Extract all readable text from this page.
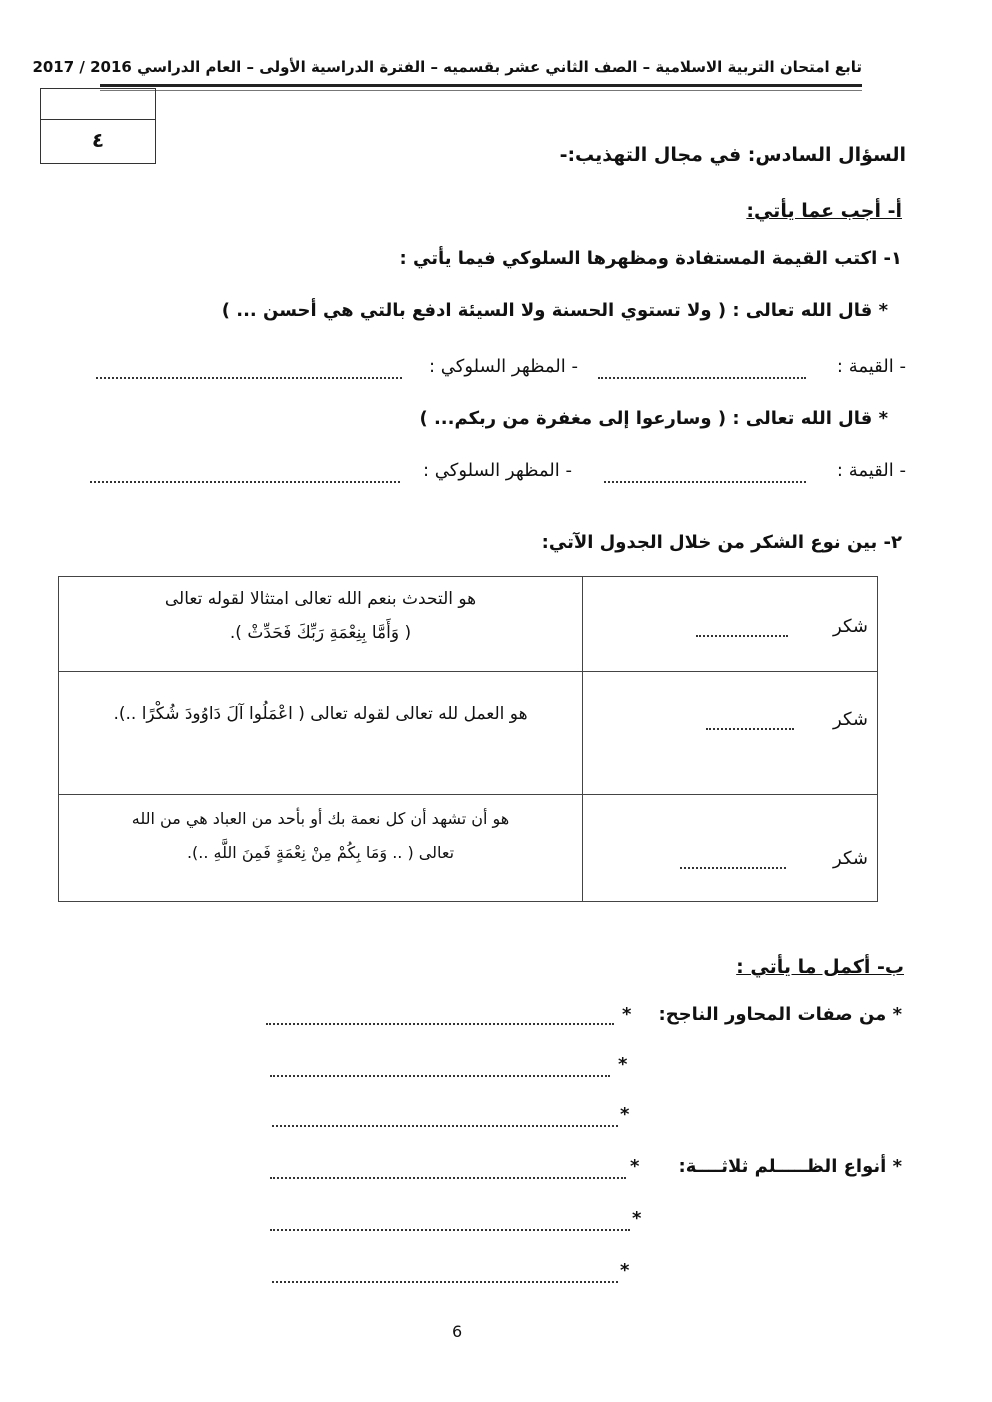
تابع امتحان التربية الاسلامية – الصف الثاني عشر بقسميه – الفترة الدراسية الأولى – العام الدراسي 2016 / 2017
٤
السؤال السادس: في مجال التهذيب:-
أ- أجب عما يأتي:
١- اكتب القيمة المستفادة ومظهرها السلوكي فيما يأتي :
* قال الله تعالى : ( ولا تستوي الحسنة ولا السيئة ادفع بالتي هي أحسن ... )
- القيمة :
- المظهر السلوكي :
* قال الله تعالى : ( وسارعوا إلى مغفرة من ربكم... )
- القيمة :
- المظهر السلوكي :
٢- بين نوع الشكر من خلال الجدول الآتي:
شكر	هو التحدث بنعم الله تعالى امتثالا لقوله تعالى
( وَأَمَّا بِنِعْمَةِ رَبِّكَ فَحَدِّثْ ).

شكر	هو العمل لله تعالى لقوله تعالى ( اعْمَلُوا آلَ دَاوُودَ شُكْرًا ..).

شكر	هو أن تشهد أن كل نعمة بك أو بأحد من العباد هي من الله
تعالى ( .. وَمَا بِكُمْ مِنْ نِعْمَةٍ فَمِنَ اللَّهِ ..).
ب- أكمل ما يأتي :
* من صفات المحاور الناجح:
*
*
*
* أنواع الظـــــلم ثلاثــــة:
*
*
*
6
